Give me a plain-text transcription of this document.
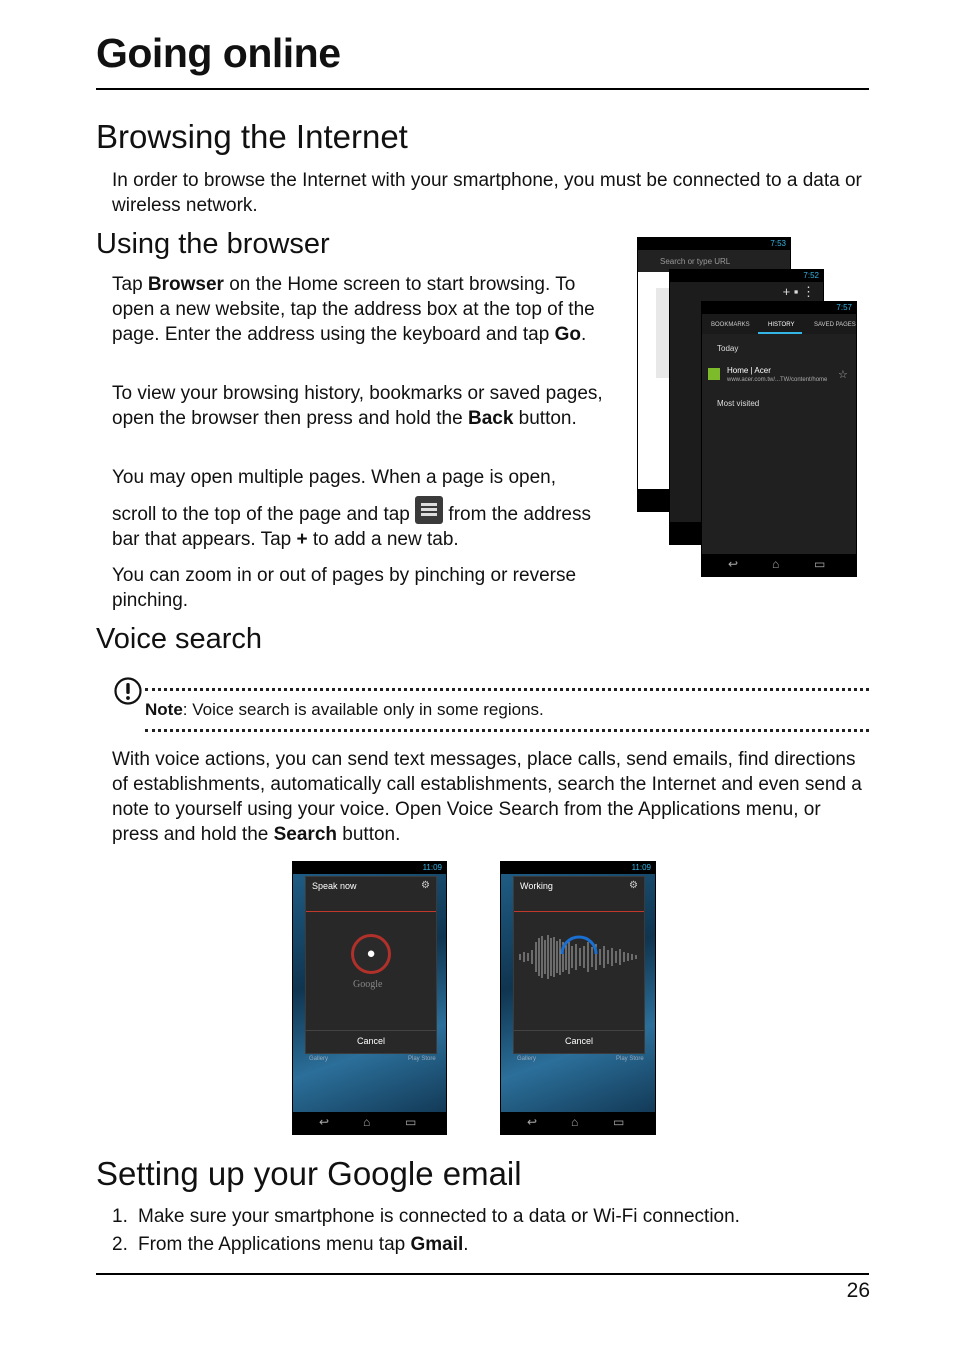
Going online
Browsing the Internet

In order to browse the Internet with your smartphone, you must be connected to a data or wireless network.

Using the browser

Tap Browser on the Home screen to start browsing. To open a new website, tap the address box at the top of the page. Enter the address using the keyboard and tap Go.

To view your browsing history, bookmarks or saved pages, open the browser then press and hold the Back button.

You may open multiple pages. When a page is open,

scroll to the top of the page and tap
from the address bar that appears. Tap + to add a new tab.

You can zoom in or out of pages by pinching or reverse pinching.

7:53
Search or type URL
7:52
+ ▪ ⋮
7:57
BOOKMARKS	HISTORY	SAVED PAGES
Today
Home | Acer
www.acer.com.tw/...TW/content/home ☆
Most visited
↩	⌂	▭
Voice search
Note: Voice search is available only in some regions.

With voice actions, you can send text messages, place calls, send emails, find directions of establishments, automatically call establishments, search the Internet and even send a note to yourself using your voice. Open Voice Search from the Applications menu, or press and hold the Search button.

11:09
Speak now	⚙
●
Google
Cancel
Gallery	Play Store
↩	⌂	▭
11:09
Working	⚙
Cancel
Gallery	Play Store
↩	⌂	▭
Setting up your Google email
1. Make sure your smartphone is connected to a data or Wi-Fi connection.
2. From the Applications menu tap Gmail.
26
